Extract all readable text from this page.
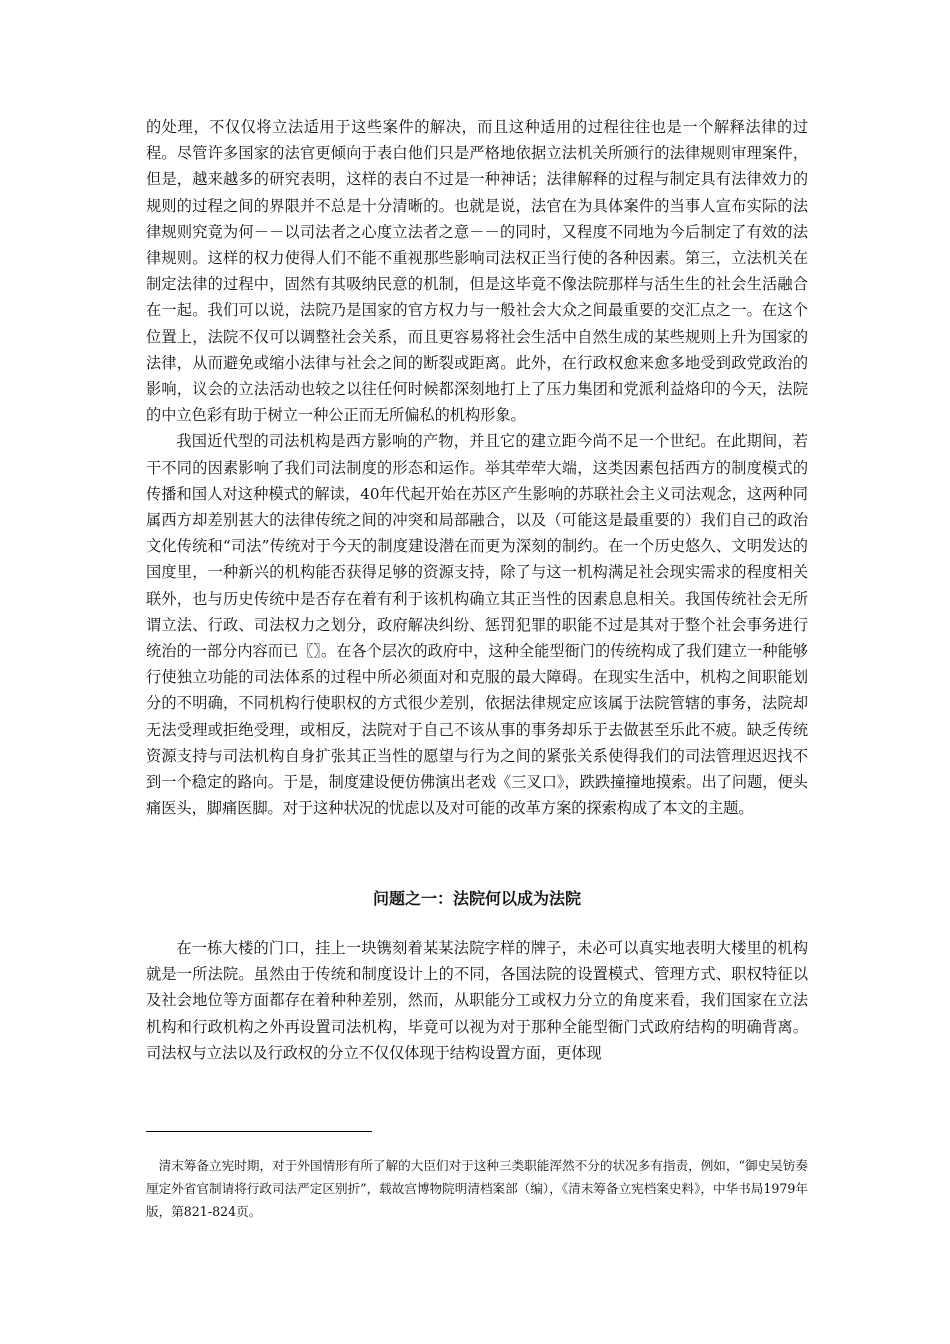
的处理，不仅仅将立法适用于这些案件的解决，而且这种适用的过程往往也是一个解释法律的过程。尽管许多国家的法官更倾向于表白他们只是严格地依据立法机关所颁行的法律规则审理案件，但是，越来越多的研究表明，这样的表白不过是一种神话；法律解释的过程与制定具有法律效力的规则的过程之间的界限并不总是十分清晰的。也就是说，法官在为具体案件的当事人宣布实际的法律规则究竟为何－－以司法者之心度立法者之意－－的同时，又程度不同地为今后制定了有效的法律规则。这样的权力使得人们不能不重视那些影响司法权正当行使的各种因素。第三，立法机关在制定法律的过程中，固然有其吸纳民意的机制，但是这毕竟不像法院那样与活生生的社会生活融合在一起。我们可以说，法院乃是国家的官方权力与一般社会大众之间最重要的交汇点之一。在这个位置上，法院不仅可以调整社会关系，而且更容易将社会生活中自然生成的某些规则上升为国家的法律，从而避免或缩小法律与社会之间的断裂或距离。此外，在行政权愈来愈多地受到政党政治的影响，议会的立法活动也较之以往任何时候都深刻地打上了压力集团和党派利益烙印的今天，法院的中立色彩有助于树立一种公正而无所偏私的机构形象。

我国近代型的司法机构是西方影响的产物，并且它的建立距今尚不足一个世纪。在此期间，若干不同的因素影响了我们司法制度的形态和运作。举其荦荦大端，这类因素包括西方的制度模式的传播和国人对这种模式的解读，40年代起开始在苏区产生影响的苏联社会主义司法观念，这两种同属西方却差别甚大的法律传统之间的冲突和局部融合，以及（可能这是最重要的）我们自己的政治文化传统和“司法”传统对于今天的制度建设潜在而更为深刻的制约。在一个历史悠久、文明发达的国度里，一种新兴的机构能否获得足够的资源支持，除了与这一机构满足社会现实需求的程度相关联外，也与历史传统中是否存在着有利于该机构确立其正当性的因素息息相关。我国传统社会无所谓立法、行政、司法权力之划分，政府解决纠纷、惩罚犯罪的职能不过是其对于整个社会事务进行统治的一部分内容而已〖〗。在各个层次的政府中，这种全能型衙门的传统构成了我们建立一种能够行使独立功能的司法体系的过程中所必须面对和克服的最大障碍。在现实生活中，机构之间职能划分的不明确，不同机构行使职权的方式很少差别，依据法律规定应该属于法院管辖的事务，法院却无法受理或拒绝受理，或相反，法院对于自己不该从事的事务却乐于去做甚至乐此不疲。缺乏传统资源支持与司法机构自身扩张其正当性的愿望与行为之间的紧张关系使得我们的司法管理迟迟找不到一个稳定的路向。于是，制度建设便仿佛演出老戏《三叉口》，跌跌撞撞地摸索。出了问题，便头痛医头，脚痛医脚。对于这种状况的忧虑以及对可能的改革方案的探索构成了本文的主题。

问题之一：法院何以成为法院

在一栋大楼的门口，挂上一块镌刻着某某法院字样的牌子，未必可以真实地表明大楼里的机构就是一所法院。虽然由于传统和制度设计上的不同，各国法院的设置模式、管理方式、职权特征以及社会地位等方面都存在着种种差别，然而，从职能分工或权力分立的角度来看，我们国家在立法机构和行政机构之外再设置司法机构，毕竟可以视为对于那种全能型衙门式政府结构的明确背离。司法权与立法以及行政权的分立不仅仅体现于结构设置方面，更体现

清末筹备立宪时期，对于外国情形有所了解的大臣们对于这种三类职能浑然不分的状况多有指责，例如，“御史吴钫奏厘定外省官制请将行政司法严定区别折”，载故宫博物院明清档案部（编），《清末筹备立宪档案史料》，中华书局1979年版，第821-824页。
